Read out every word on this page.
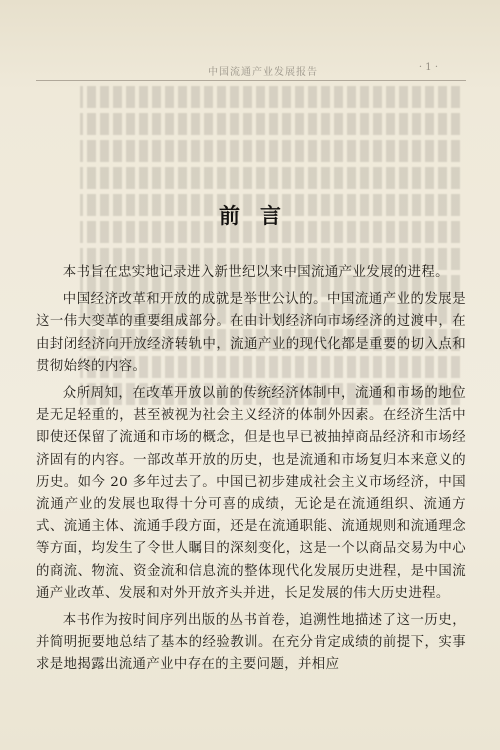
中国流通产业发展报告	· 1 ·
前言

本书旨在忠实地记录进入新世纪以来中国流通产业发展的进程。

中国经济改革和开放的成就是举世公认的。中国流通产业的发展是这一伟大变革的重要组成部分。在由计划经济向市场经济的过渡中，在由封闭经济向开放经济转轨中，流通产业的现代化都是重要的切入点和贯彻始终的内容。

众所周知，在改革开放以前的传统经济体制中，流通和市场的地位是无足轻重的，甚至被视为社会主义经济的体制外因素。在经济生活中即使还保留了流通和市场的概念，但是也早已被抽掉商品经济和市场经济固有的内容。一部改革开放的历史，也是流通和市场复归本来意义的历史。如今 20 多年过去了。中国已初步建成社会主义市场经济，中国流通产业的发展也取得十分可喜的成绩，无论是在流通组织、流通方式、流通主体、流通手段方面，还是在流通职能、流通规则和流通理念等方面，均发生了令世人瞩目的深刻变化，这是一个以商品交易为中心的商流、物流、资金流和信息流的整体现代化发展历史进程，是中国流通产业改革、发展和对外开放齐头并进，长足发展的伟大历史进程。

本书作为按时间序列出版的丛书首卷，追溯性地描述了这一历史，并简明扼要地总结了基本的经验教训。在充分肯定成绩的前提下，实事求是地揭露出流通产业中存在的主要问题，并相应
